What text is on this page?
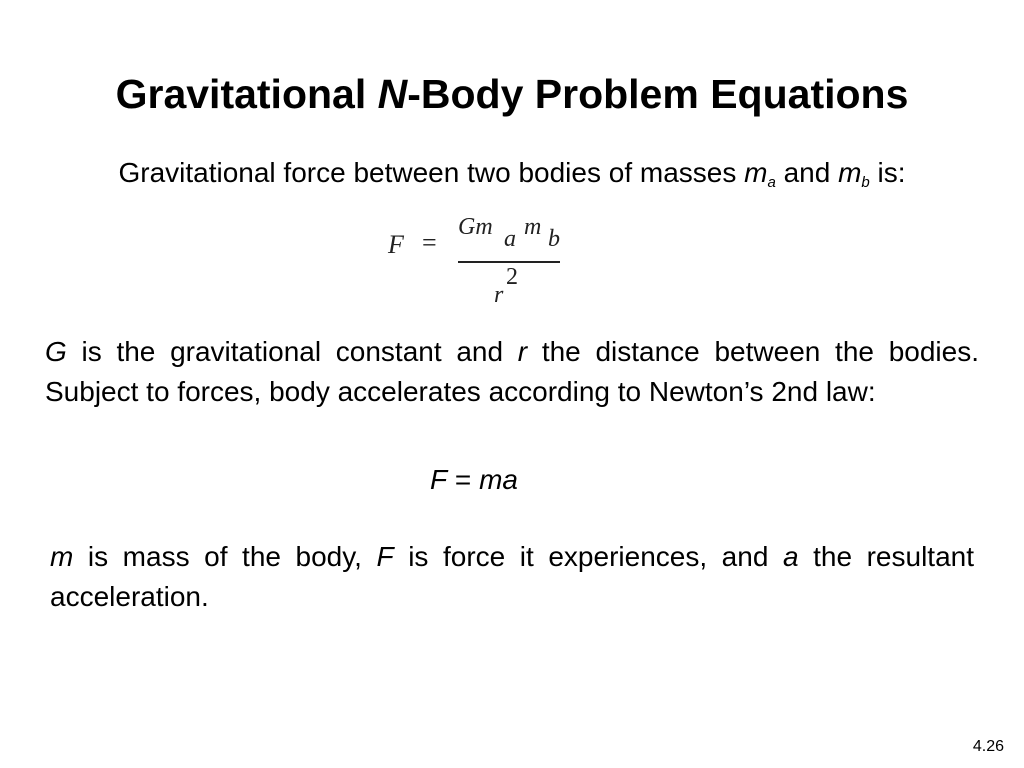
Gravitational N-Body Problem Equations
Gravitational force between two bodies of masses $m_a$ and $m_b$ is:
F =
Gm a m b
2
r
G is the gravitational constant and r the distance between the bodies. Subject to forces, body accelerates according to Newton’s 2nd law:
F = ma
m is mass of the body, F is force it experiences, and a the resultant acceleration.
4.26
